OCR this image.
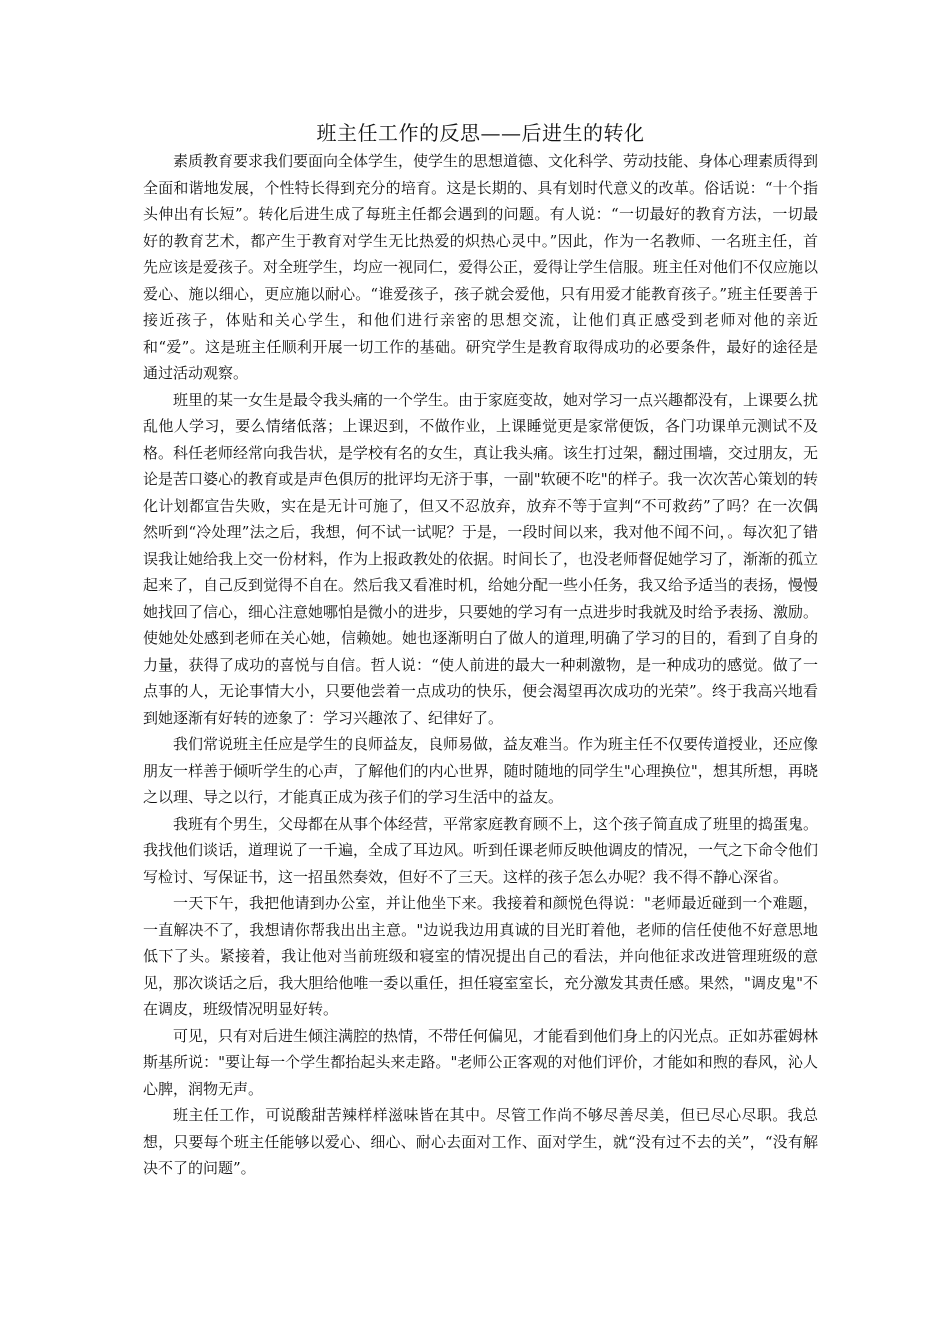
班主任工作的反思——后进生的转化

素质教育要求我们要面向全体学生，使学生的思想道德、文化科学、劳动技能、身体心理素质得到全面和谐地发展，个性特长得到充分的培育。这是长期的、具有划时代意义的改革。俗话说：“十个指头伸出有长短”。转化后进生成了每班主任都会遇到的问题。有人说：“一切最好的教育方法，一切最好的教育艺术，都产生于教育对学生无比热爱的炽热心灵中。”因此，作为一名教师、一名班主任，首先应该是爱孩子。对全班学生，均应一视同仁，爱得公正，爱得让学生信服。班主任对他们不仅应施以爱心、施以细心，更应施以耐心。“谁爱孩子，孩子就会爱他，只有用爱才能教育孩子。”班主任要善于接近孩子，体贴和关心学生，和他们进行亲密的思想交流，让他们真正感受到老师对他的亲近和“爱”。这是班主任顺利开展一切工作的基础。研究学生是教育取得成功的必要条件，最好的途径是通过活动观察。

班里的某一女生是最令我头痛的一个学生。由于家庭变故，她对学习一点兴趣都没有，上课要么扰乱他人学习，要么情绪低落；上课迟到，不做作业，上课睡觉更是家常便饭，各门功课单元测试不及格。科任老师经常向我告状，是学校有名的女生，真让我头痛。该生打过架，翻过围墙，交过朋友，无论是苦口婆心的教育或是声色俱厉的批评均无济于事，一副"软硬不吃"的样子。我一次次苦心策划的转化计划都宣告失败，实在是无计可施了，但又不忍放弃，放弃不等于宣判“不可救药”了吗？在一次偶然听到“冷处理”法之后，我想，何不试一试呢？于是，一段时间以来，我对他不闻不问，。每次犯了错误我让她给我上交一份材料，作为上报政教处的依据。时间长了，也没老师督促她学习了，渐渐的孤立起来了，自己反到觉得不自在。然后我又看准时机，给她分配一些小任务，我又给予适当的表扬，慢慢她找回了信心，细心注意她哪怕是微小的进步，只要她的学习有一点进步时我就及时给予表扬、激励。使她处处感到老师在关心她，信赖她。她也逐渐明白了做人的道理,明确了学习的目的，看到了自身的力量，获得了成功的喜悦与自信。哲人说：“使人前进的最大一种刺激物，是一种成功的感觉。做了一点事的人，无论事情大小，只要他尝着一点成功的快乐，便会渴望再次成功的光荣”。终于我高兴地看到她逐渐有好转的迹象了：学习兴趣浓了、纪律好了。

我们常说班主任应是学生的良师益友，良师易做，益友难当。作为班主任不仅要传道授业，还应像朋友一样善于倾听学生的心声，了解他们的内心世界，随时随地的同学生"心理换位"，想其所想，再晓之以理、导之以行，才能真正成为孩子们的学习生活中的益友。

我班有个男生，父母都在从事个体经营，平常家庭教育顾不上，这个孩子简直成了班里的捣蛋鬼。我找他们谈话，道理说了一千遍，全成了耳边风。听到任课老师反映他调皮的情况，一气之下命令他们写检讨、写保证书，这一招虽然奏效，但好不了三天。这样的孩子怎么办呢？我不得不静心深省。

一天下午，我把他请到办公室，并让他坐下来。我接着和颜悦色得说："老师最近碰到一个难题，一直解决不了，我想请你帮我出出主意。"边说我边用真诚的目光盯着他，老师的信任使他不好意思地低下了头。紧接着，我让他对当前班级和寝室的情况提出自己的看法，并向他征求改进管理班级的意见，那次谈话之后，我大胆给他唯一委以重任，担任寝室室长，充分激发其责任感。果然，"调皮鬼"不在调皮，班级情况明显好转。

可见，只有对后进生倾注满腔的热情，不带任何偏见，才能看到他们身上的闪光点。正如苏霍姆林斯基所说："要让每一个学生都抬起头来走路。"老师公正客观的对他们评价，才能如和煦的春风，沁人心脾，润物无声。

班主任工作，可说酸甜苦辣样样滋味皆在其中。尽管工作尚不够尽善尽美，但已尽心尽职。我总想，只要每个班主任能够以爱心、细心、耐心去面对工作、面对学生，就“没有过不去的关”，“没有解决不了的问题”。
